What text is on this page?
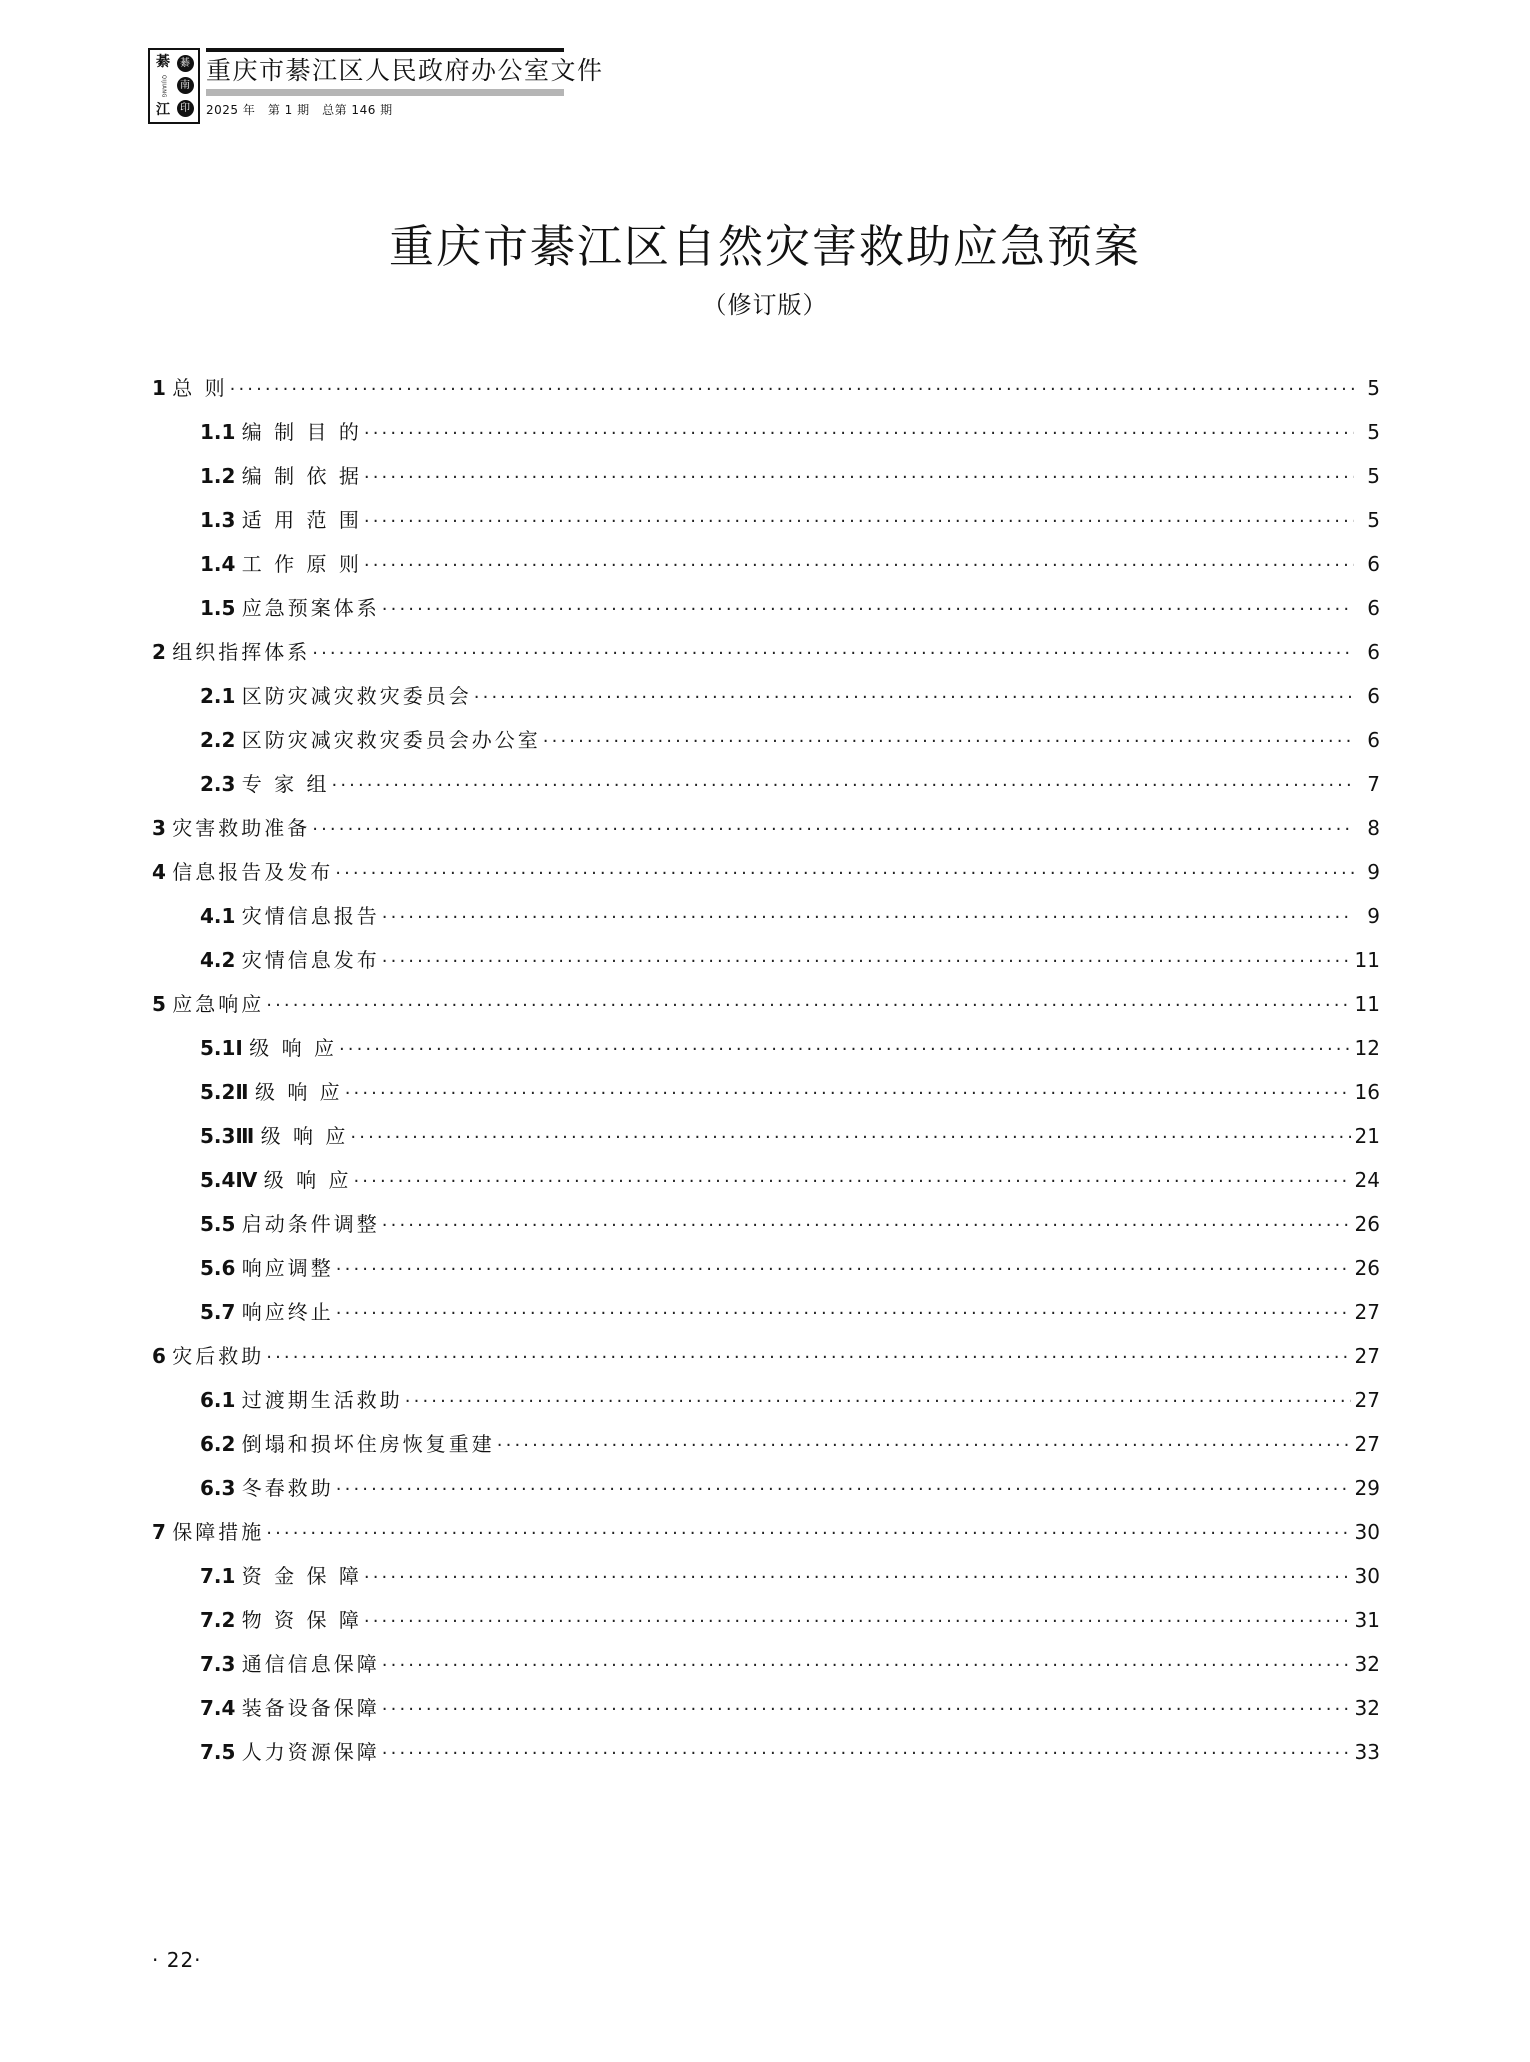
綦
QIJIANG
江
綦
南
印
重庆市綦江区人民政府办公室文件
2025 年　第 1 期　总第 146 期
重庆市綦江区自然灾害救助应急预案
（修订版）
1 总 则 .....	5
1.1 编 制 目 的 .....	5
1.2 编 制 依 据 .....	5
1.3 适 用 范 围 .....	5
1.4 工 作 原 则 .....	6
1.5 应急预案体系 .....	6
2 组织指挥体系 .....	6
2.1 区防灾减灾救灾委员会 .....	6
2.2 区防灾减灾救灾委员会办公室 .....	6
2.3 专 家 组 .....	7
3 灾害救助准备 .....	8
4 信息报告及发布 .....	9
4.1 灾情信息报告 .....	9
4.2 灾情信息发布 .....	11
5 应急响应 .....	11
5.1Ⅰ 级 响 应 .....	12
5.2Ⅱ 级 响 应 .....	16
5.3Ⅲ 级 响 应 .....	21
5.4Ⅳ 级 响 应 .....	24
5.5 启动条件调整 .....	26
5.6 响应调整 .....	26
5.7 响应终止 .....	27
6 灾后救助 .....	27
6.1 过渡期生活救助 .....	27
6.2 倒塌和损坏住房恢复重建 .....	27
6.3 冬春救助 .....	29
7 保障措施 .....	30
7.1 资 金 保 障 .....	30
7.2 物 资 保 障 .....	31
7.3 通信信息保障 .....	32
7.4 装备设备保障 .....	32
7.5 人力资源保障 .....	33
· 22·
